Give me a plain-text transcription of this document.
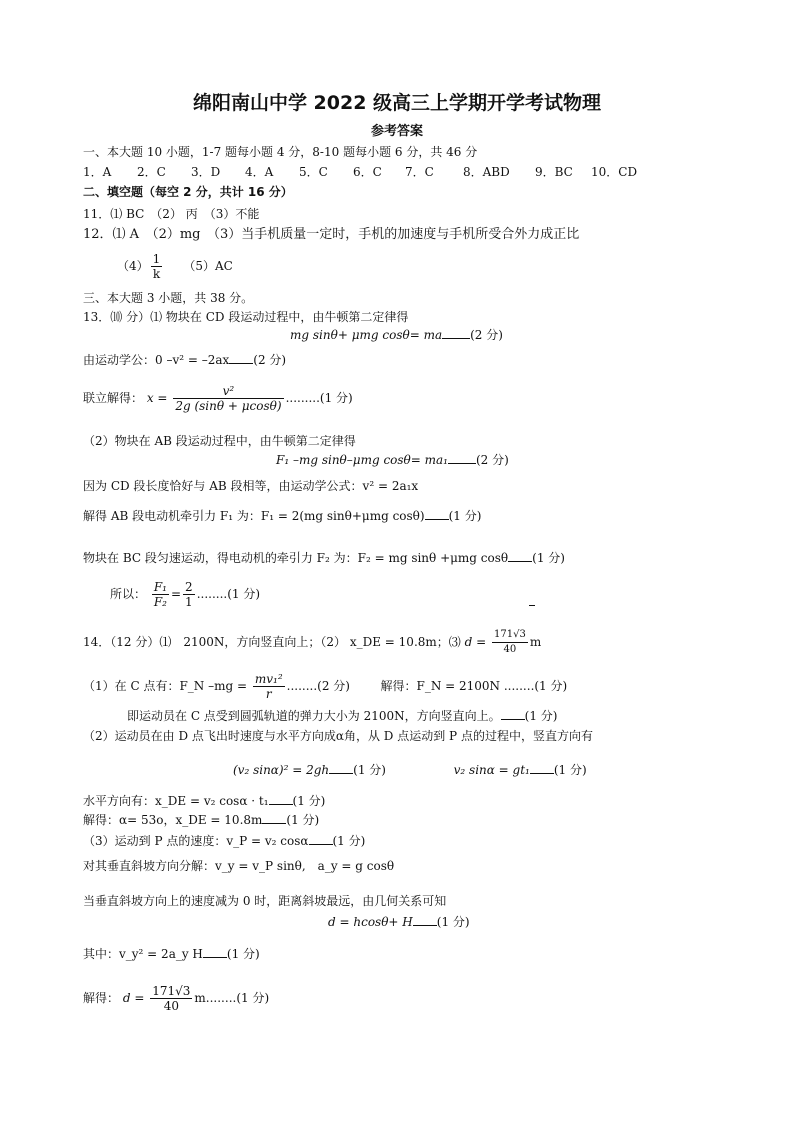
绵阳南山中学 2022 级高三上学期开学考试物理
参考答案
一、本大题 10 小题，1-7 题每小题 4 分，8-10 题每小题 6 分，共 46 分
1．A 2．C 3．D 4．A 5．C 6．C 7．C 8．ABD 9．BC 10．CD
二、填空题（每空 2 分，共计 16 分）
11．⑴ BC　（2） 丙　（3）不能
12．⑴ A　（2）mg　（3）当手机质量一定时，手机的加速度与手机所受合外力成正比
$(4) \frac{1}{k} (5)AC$
三、本大题 3 小题，共 38 分。
13．⑽ 分）⑴ 物块在 CD 段运动过程中，由牛顿第二定律得
mg sinθ+ μmg cosθ= ma (2 分)
由运动学公：0 –v² = –2ax (2 分)
联立解得： $x = \frac{\text{v²}}{2g (\sin\theta + \mu\cos\theta)} .........(1$ 分)
（2）物块在 AB 段运动过程中，由牛顿第二定律得
F₁ –mg sinθ–μmg cosθ= ma₁ (2 分)
因为 CD 段长度恰好与 AB 段相等，由运动学公式：v² = 2a₁x
解得 AB 段电动机牵引力 F₁ 为：F₁ = 2(mg sinθ+μmg cosθ) (1 分)
物块在 BC 段匀速运动，得电动机的牵引力 F₂ 为：F₂ = mg sinθ +μmg cosθ (1 分)
所以： $\frac{\text{F₁}}{\text{F₂}} = \frac{2}{1} ........(1$ 分)
14．（12 分）⑴　2100N，方向竖直向上；（2） x_DE = 10.8m；⑶ $d = \frac{171√3}{40}$ m
（1）在 C 点有：F_N $-mg = \frac{\text{mv₁²}}{r} ........(2$ 分)	解得：F_N = 2100N ........(1 分)
即运动员在 C 点受到圆弧轨道的弹力大小为 2100N，方向竖直向上。 (1 分)
（2）运动员在由 D 点飞出时速度与水平方向成α角，从 D 点运动到 P 点的过程中，竖直方向有
(v₂ sinα)² = 2gh (1 分)	v₂ sinα = gt₁ (1 分)
水平方向有：x_DE = v₂ cosα · t₁ (1 分)
解得：α= 53o，x_DE = 10.8m (1 分)
（3）运动到 P 点的速度：v_P = v₂ cosα (1 分)
对其垂直斜坡方向分解：v_y = v_P sinθ,　a_y = g cosθ
当垂直斜坡方向上的速度减为 0 时，距离斜坡最远，由几何关系可知
d = hcosθ+ H (1 分)
其中：v_y² = 2a_y H (1 分)
解得： $d = \frac{171√3}{40} m........(1$ 分)
